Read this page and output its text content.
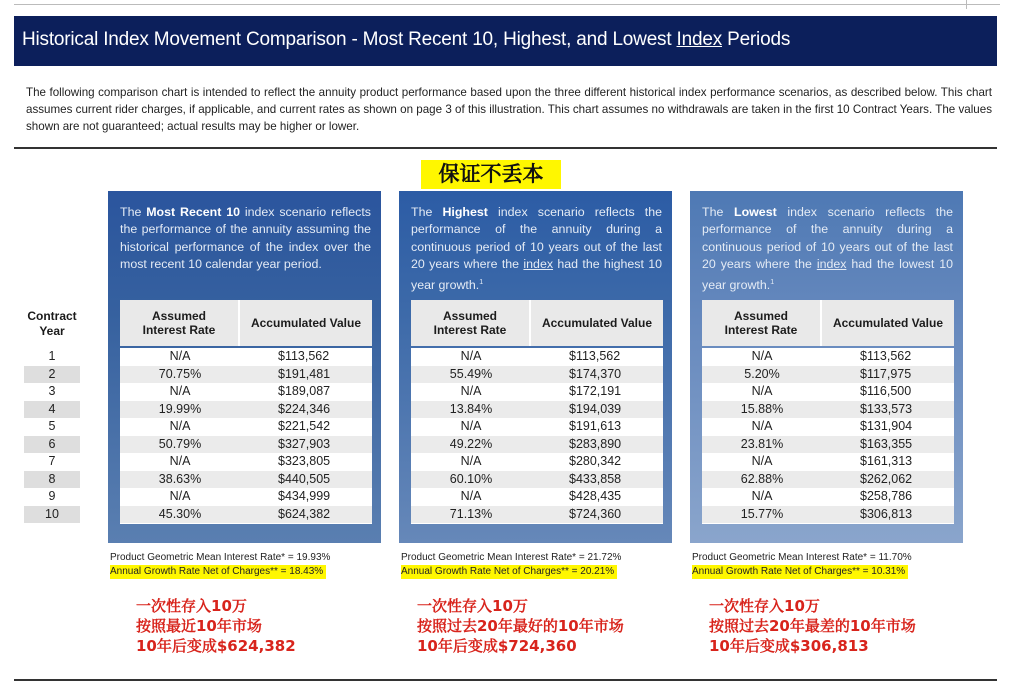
Historical Index Movement Comparison - Most Recent 10, Highest, and Lowest Index Periods

The following comparison chart is intended to reflect the annuity product performance based upon the three different historical index performance scenarios, as described below. This chart assumes current rider charges, if applicable, and current rates as shown on page 3 of this illustration. This chart assumes no withdrawals are taken in the first 10 Contract Years. The values shown are not guaranteed; actual results may be higher or lower.

保证不丢本
Contract
Year
1
2
3
4
5
6
7
8
9
10

The Most Recent 10 index scenario reflects the performance of the annuity assuming the historical performance of the index over the most recent 10 calendar year period.

Assumed
Interest Rate	Accumulated Value
N/A	$113,562
70.75%	$191,481
N/A	$189,087
19.99%	$224,346
N/A	$221,542
50.79%	$327,903
N/A	$323,805
38.63%	$440,505
N/A	$434,999
45.30%	$624,382

The Highest index scenario reflects the performance of the annuity during a continuous period of 10 years out of the last 20 years where the index had the highest 10 year growth.$^1$

Assumed
Interest Rate	Accumulated Value
N/A	$113,562
55.49%	$174,370
N/A	$172,191
13.84%	$194,039
N/A	$191,613
49.22%	$283,890
N/A	$280,342
60.10%	$433,858
N/A	$428,435
71.13%	$724,360

The Lowest index scenario reflects the performance of the annuity during a continuous period of 10 years out of the last 20 years where the index had the lowest 10 year growth.$^1$

Assumed
Interest Rate	Accumulated Value
N/A	$113,562
5.20%	$117,975
N/A	$116,500
15.88%	$133,573
N/A	$131,904
23.81%	$163,355
N/A	$161,313
62.88%	$262,062
N/A	$258,786
15.77%	$306,813
Product Geometric Mean Interest Rate* = 19.93%
Annual Growth Rate Net of Charges** = 18.43%
Product Geometric Mean Interest Rate* = 21.72%
Annual Growth Rate Net of Charges** = 20.21%
Product Geometric Mean Interest Rate* = 11.70%
Annual Growth Rate Net of Charges** = 10.31%
一次性存入10万
按照最近10年市场
10年后变成$624,382
一次性存入10万
按照过去20年最好的10年市场
10年后变成$724,360
一次性存入10万
按照过去20年最差的10年市场
10年后变成$306,813
